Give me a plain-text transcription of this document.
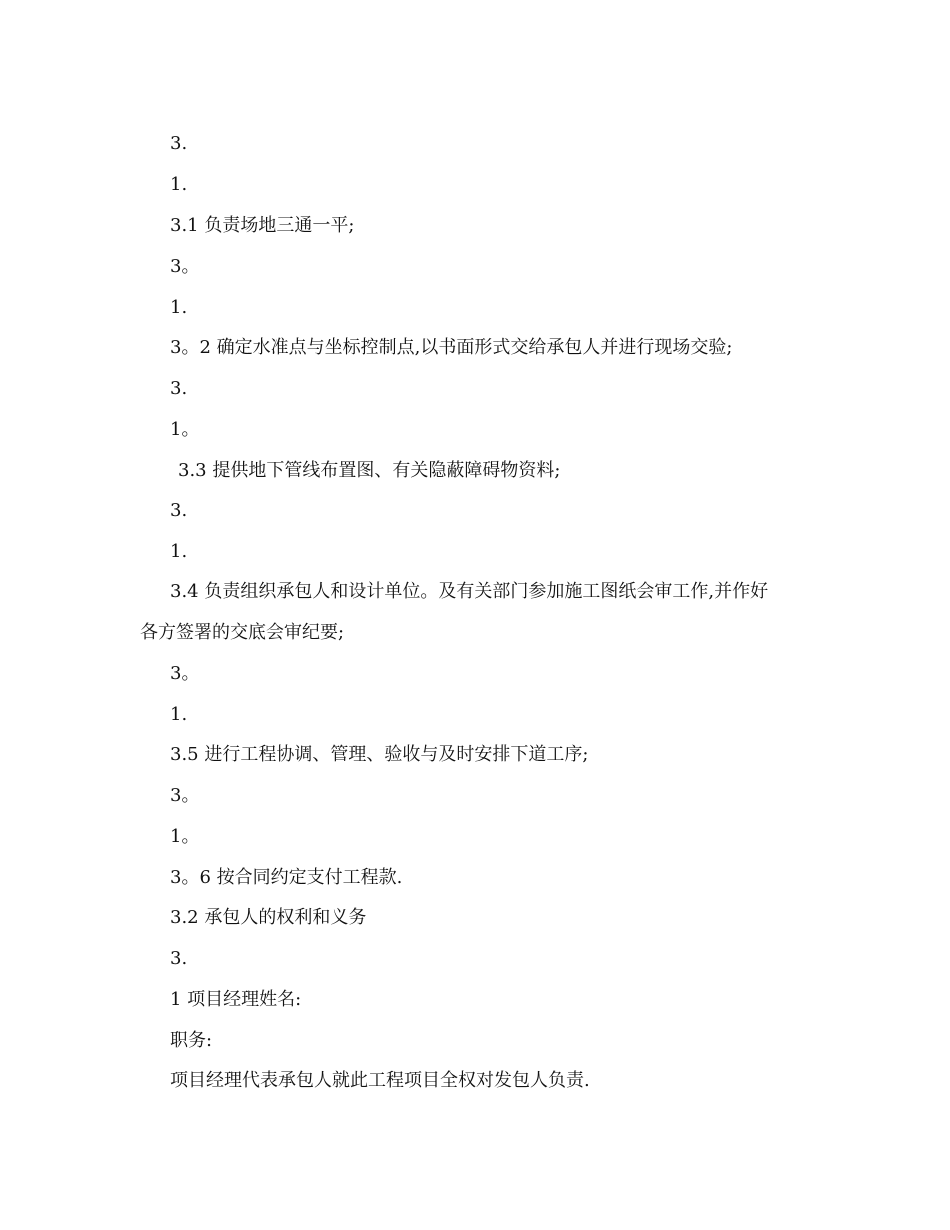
3.
1.
3.1 负责场地三通一平;
3。
1.
3。2 确定水准点与坐标控制点,以书面形式交给承包人并进行现场交验;
3.
1。
3.3 提供地下管线布置图、有关隐蔽障碍物资料;
3.
1.
3.4 负责组织承包人和设计单位。及有关部门参加施工图纸会审工作,并作好
各方签署的交底会审纪要;
3。
1.
3.5 进行工程协调、管理、验收与及时安排下道工序;
3。
1。
3。6 按合同约定支付工程款.
3.2 承包人的权利和义务
3.
1 项目经理姓名:
职务:
项目经理代表承包人就此工程项目全权对发包人负责.
